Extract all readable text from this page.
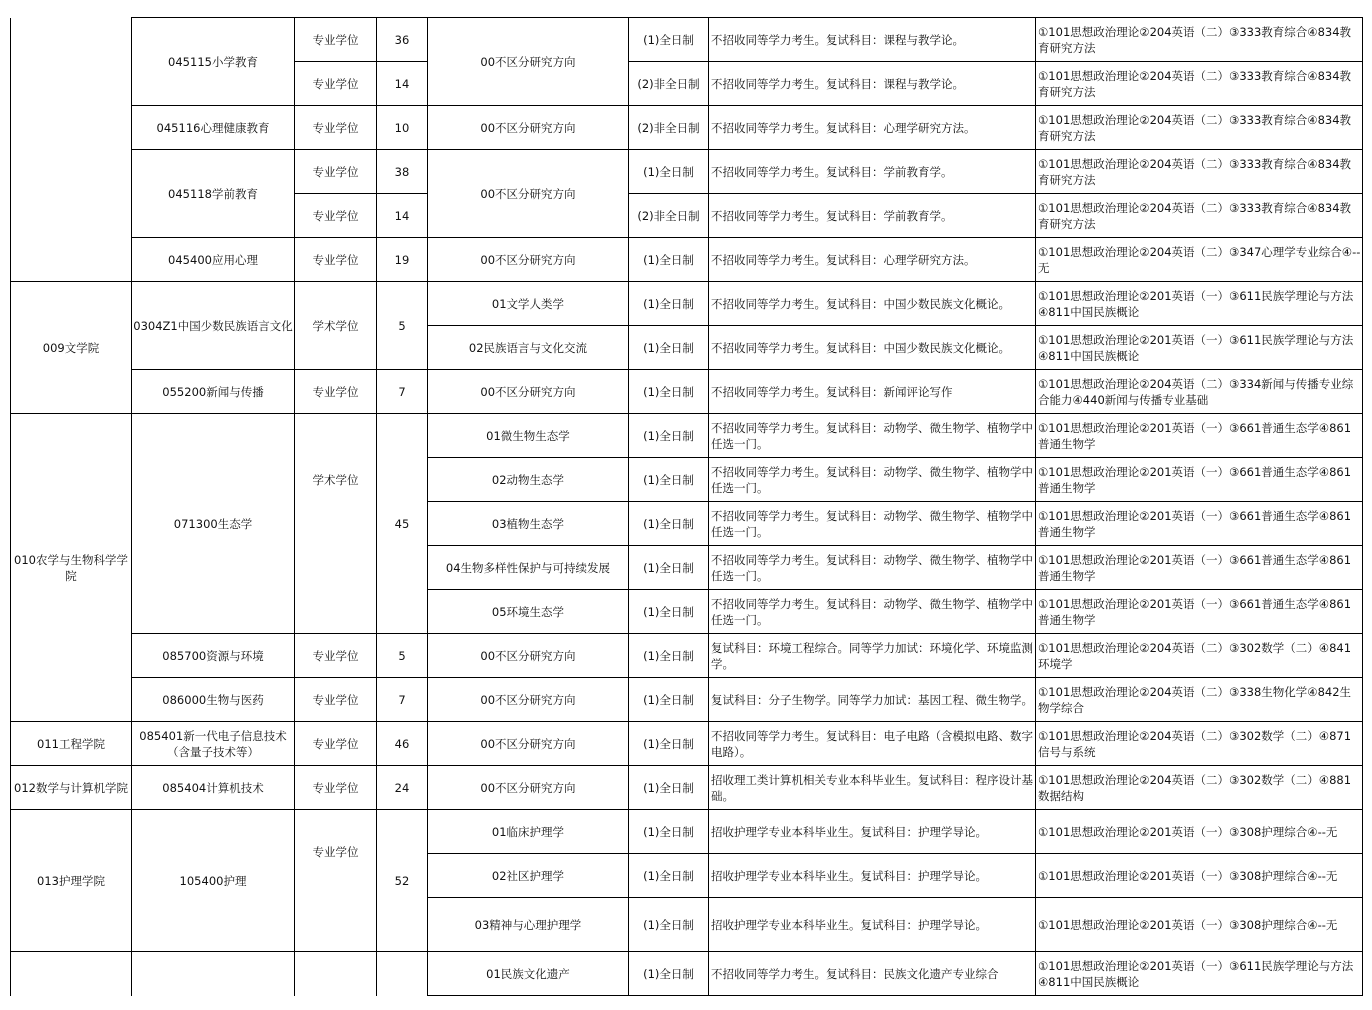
	045115小学教育	专业学位	36	00不区分研究方向	(1)全日制	不招收同等学力考生。复试科目：课程与教学论。	①101思想政治理论②204英语（二）③333教育综合④834教育研究方法
		专业学位	14		(2)非全日制	不招收同等学力考生。复试科目：课程与教学论。	①101思想政治理论②204英语（二）③333教育综合④834教育研究方法
	045116心理健康教育	专业学位	10	00不区分研究方向	(2)非全日制	不招收同等学力考生。复试科目：心理学研究方法。	①101思想政治理论②204英语（二）③333教育综合④834教育研究方法
	045118学前教育	专业学位	38	00不区分研究方向	(1)全日制	不招收同等学力考生。复试科目：学前教育学。	①101思想政治理论②204英语（二）③333教育综合④834教育研究方法
		专业学位	14		(2)非全日制	不招收同等学力考生。复试科目：学前教育学。	①101思想政治理论②204英语（二）③333教育综合④834教育研究方法
	045400应用心理	专业学位	19	00不区分研究方向	(1)全日制	不招收同等学力考生。复试科目：心理学研究方法。	①101思想政治理论②204英语（二）③347心理学专业综合④--无
009文学院	0304Z1中国少数民族语言文化	学术学位	5	01文学人类学	(1)全日制	不招收同等学力考生。复试科目：中国少数民族文化概论。	①101思想政治理论②201英语（一）③611民族学理论与方法④811中国民族概论
				02民族语言与文化交流	(1)全日制	不招收同等学力考生。复试科目：中国少数民族文化概论。	①101思想政治理论②201英语（一）③611民族学理论与方法④811中国民族概论
	055200新闻与传播	专业学位	7	00不区分研究方向	(1)全日制	不招收同等学力考生。复试科目：新闻评论写作	①101思想政治理论②204英语（二）③334新闻与传播专业综合能力④440新闻与传播专业基础
010农学与生物科学学院	071300生态学	学术学位	45	01微生物生态学	(1)全日制	不招收同等学力考生。复试科目：动物学、微生物学、植物学中任选一门。	①101思想政治理论②201英语（一）③661普通生态学④861普通生物学
				02动物生态学	(1)全日制	不招收同等学力考生。复试科目：动物学、微生物学、植物学中任选一门。	①101思想政治理论②201英语（一）③661普通生态学④861普通生物学
				03植物生态学	(1)全日制	不招收同等学力考生。复试科目：动物学、微生物学、植物学中任选一门。	①101思想政治理论②201英语（一）③661普通生态学④861普通生物学
				04生物多样性保护与可持续发展	(1)全日制	不招收同等学力考生。复试科目：动物学、微生物学、植物学中任选一门。	①101思想政治理论②201英语（一）③661普通生态学④861普通生物学
				05环境生态学	(1)全日制	不招收同等学力考生。复试科目：动物学、微生物学、植物学中任选一门。	①101思想政治理论②201英语（一）③661普通生态学④861普通生物学
	085700资源与环境	专业学位	5	00不区分研究方向	(1)全日制	复试科目：环境工程综合。同等学力加试：环境化学、环境监测学。	①101思想政治理论②204英语（二）③302数学（二）④841环境学
	086000生物与医药	专业学位	7	00不区分研究方向	(1)全日制	复试科目：分子生物学。同等学力加试：基因工程、微生物学。	①101思想政治理论②204英语（二）③338生物化学④842生物学综合
011工程学院	085401新一代电子信息技术（含量子技术等）	专业学位	46	00不区分研究方向	(1)全日制	不招收同等学力考生。复试科目：电子电路（含模拟电路、数字电路）。	①101思想政治理论②204英语（二）③302数学（二）④871信号与系统
012数学与计算机学院	085404计算机技术	专业学位	24	00不区分研究方向	(1)全日制	招收理工类计算机相关专业本科毕业生。复试科目：程序设计基础。	①101思想政治理论②204英语（二）③302数学（二）④881数据结构
013护理学院	105400护理	专业学位	52	01临床护理学	(1)全日制	招收护理学专业本科毕业生。复试科目：护理学导论。	①101思想政治理论②201英语（一）③308护理综合④--无
				02社区护理学	(1)全日制	招收护理学专业本科毕业生。复试科目：护理学导论。	①101思想政治理论②201英语（一）③308护理综合④--无
				03精神与心理护理学	(1)全日制	招收护理学专业本科毕业生。复试科目：护理学导论。	①101思想政治理论②201英语（一）③308护理综合④--无
				01民族文化遗产	(1)全日制	不招收同等学力考生。复试科目：民族文化遗产专业综合	①101思想政治理论②201英语（一）③611民族学理论与方法④811中国民族概论
